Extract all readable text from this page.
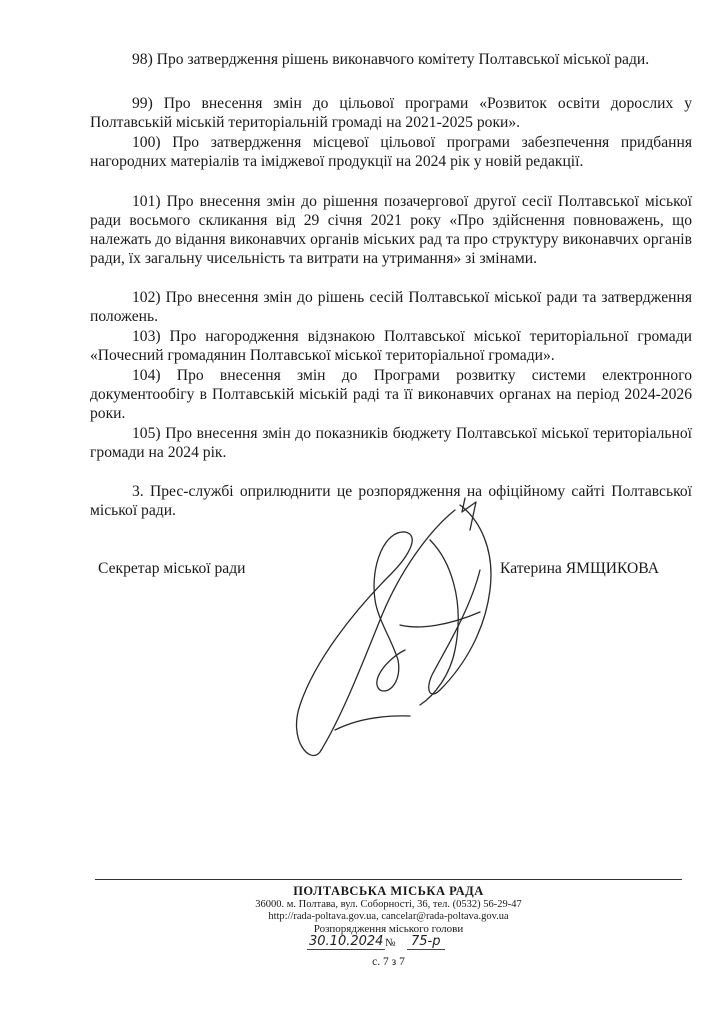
98) Про затвердження рішень виконавчого комітету Полтавської міської ради.

99) Про внесення змін до цільової програми «Розвиток освіти дорослих у Полтавській міській територіальній громаді на 2021-2025 роки».

100) Про затвердження місцевої цільової програми забезпечення придбання нагородних матеріалів та іміджевої продукції на 2024 рік у новій редакції.

101) Про внесення змін до рішення позачергової другої сесії Полтавської міської ради восьмого скликання від 29 січня 2021 року «Про здійснення повноважень, що належать до відання виконавчих органів міських рад та про структуру виконавчих органів ради, їх загальну чисельність та витрати на утримання» зі змінами.

102) Про внесення змін до рішень сесій Полтавської міської ради та затвердження положень.

103) Про нагородження відзнакою Полтавської міської територіальної громади «Почесний громадянин Полтавської міської територіальної громади».

104) Про внесення змін до Програми розвитку системи електронного документообігу в Полтавській міській раді та її виконавчих органах на період 2024-2026 роки.

105) Про внесення змін до показників бюджету Полтавської міської територіальної громади на 2024 рік.

3. Прес-службі оприлюднити це розпорядження на офіційному сайті Полтавської міської ради.

Секретар міської ради	Катерина ЯМЩИКОВА

ПОЛТАВСЬКА МІСЬКА РАДА

36000. м. Полтава, вул. Соборності, 36, тел. (0532) 56-29-47

http://rada-poltava.gov.ua, cancelar@rada-poltava.gov.ua

Розпорядження міського голови

30.10.2024 №	75-р

с. 7 з 7
